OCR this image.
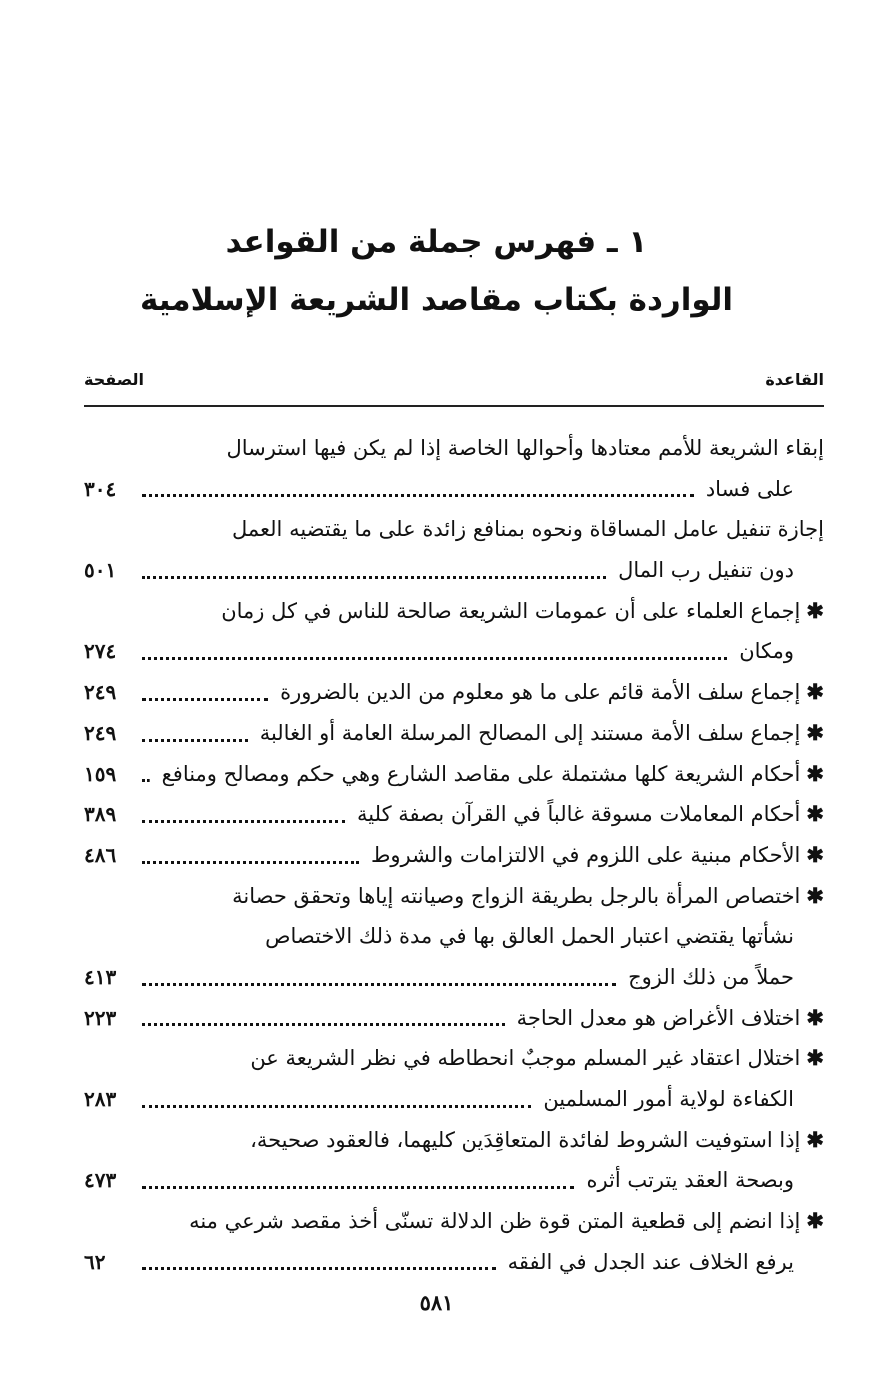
١ ـ فهرس جملة من القواعد
الواردة بكتاب مقاصد الشريعة الإسلامية
القاعدة
الصفحة
إبقاء الشريعة للأمم معتادها وأحوالها الخاصة إذا لم يكن فيها استرسال
على فساد
٣٠٤
إجازة تنفيل عامل المساقاة ونحوه بمنافع زائدة على ما يقتضيه العمل
دون تنفيل رب المال
٥٠١
✱إجماع العلماء على أن عمومات الشريعة صالحة للناس في كل زمان
ومكان
٢٧٤
✱إجماع سلف الأمة قائم على ما هو معلوم من الدين بالضرورة
٢٤٩
✱إجماع سلف الأمة مستند إلى المصالح المرسلة العامة أو الغالبة
٢٤٩
✱أحكام الشريعة كلها مشتملة على مقاصد الشارع وهي حكم ومصالح ومنافع
١٥٩
✱أحكام المعاملات مسوقة غالباً في القرآن بصفة كلية
٣٨٩
✱الأحكام مبنية على اللزوم في الالتزامات والشروط
٤٨٦
✱اختصاص المرأة بالرجل بطريقة الزواج وصيانته إياها وتحقق حصانة
نشأتها يقتضي اعتبار الحمل العالق بها في مدة ذلك الاختصاص
حملاً من ذلك الزوج
٤١٣
✱اختلاف الأغراض هو معدل الحاجة
٢٢٣
✱اختلال اعتقاد غير المسلم موجبٌ انحطاطه في نظر الشريعة عن
الكفاءة لولاية أمور المسلمين
٢٨٣
✱إذا استوفيت الشروط لفائدة المتعاقِدَين كليهما، فالعقود صحيحة،
وبصحة العقد يترتب أثره
٤٧٣
✱إذا انضم إلى قطعية المتن قوة ظن الدلالة تسنّى أخذ مقصد شرعي منه
يرفع الخلاف عند الجدل في الفقه
٦٢
٥٨١
